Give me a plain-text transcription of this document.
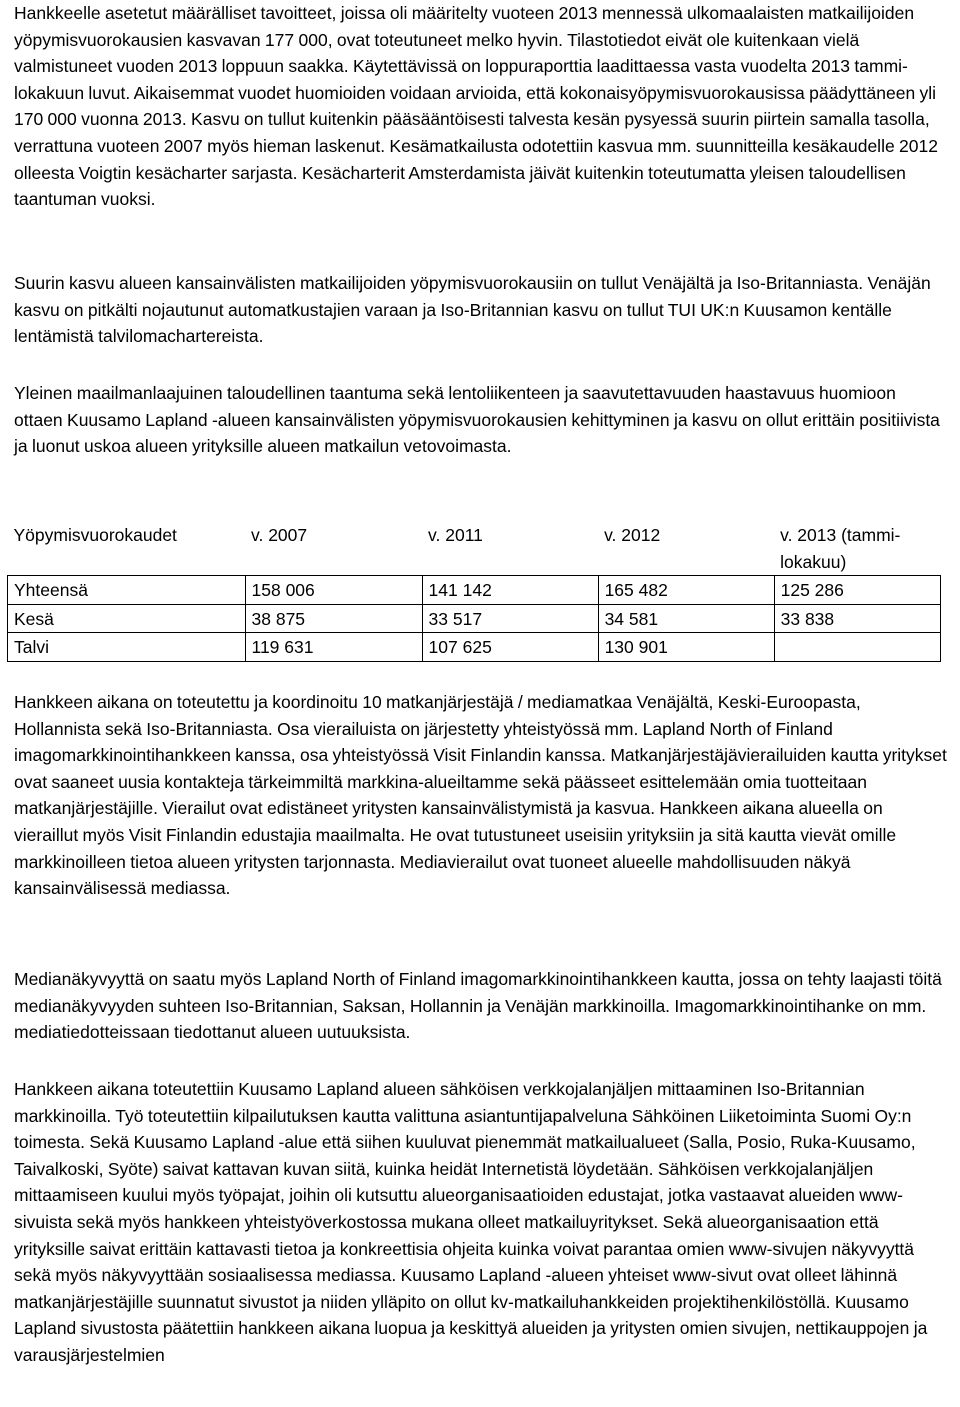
Hankkeelle asetetut määrälliset tavoitteet, joissa oli määritelty vuoteen 2013 mennessä ulkomaalaisten matkailijoiden yöpymisvuorokausien kasvavan 177 000, ovat toteutuneet melko hyvin. Tilastotiedot eivät ole kuitenkaan vielä valmistuneet vuoden 2013 loppuun saakka. Käytettävissä on loppuraporttia laadittaessa vasta vuodelta 2013 tammi-lokakuun luvut. Aikaisemmat vuodet huomioiden voidaan arvioida, että kokonaisyöpymisvuorokausissa päädyttäneen yli 170 000 vuonna 2013. Kasvu on tullut kuitenkin pääsääntöisesti talvesta kesän pysyessä suurin piirtein samalla tasolla, verrattuna vuoteen 2007 myös hieman laskenut. Kesämatkailusta odotettiin kasvua mm. suunnitteilla kesäkaudelle 2012 olleesta Voigtin kesächarter sarjasta. Kesächarterit Amsterdamista jäivät kuitenkin toteutumatta yleisen taloudellisen taantuman vuoksi.

Suurin kasvu alueen kansainvälisten matkailijoiden yöpymisvuorokausiin on tullut Venäjältä ja Iso-Britanniasta. Venäjän kasvu on pitkälti nojautunut automatkustajien varaan ja Iso-Britannian kasvu on tullut TUI UK:n Kuusamon kentälle lentämistä talvilomachartereista.

Yleinen maailmanlaajuinen taloudellinen taantuma sekä lentoliikenteen ja saavutettavuuden haastavuus huomioon ottaen Kuusamo Lapland -alueen kansainvälisten yöpymisvuorokausien kehittyminen ja kasvu on ollut erittäin positiivista ja luonut uskoa alueen yrityksille alueen matkailun vetovoimasta.

Yöpymisvuorokaudet	v. 2007	v. 2011	v. 2012	v. 2013 (tammi-lokakuu)
Yhteensä	158 006	141 142	165 482	125 286
Kesä	38 875	33 517	34 581	33 838
Talvi	119 631	107 625	130 901	

Hankkeen aikana on toteutettu ja koordinoitu 10 matkanjärjestäjä / mediamatkaa Venäjältä, Keski-Euroopasta, Hollannista sekä Iso-Britanniasta. Osa vierailuista on järjestetty yhteistyössä mm. Lapland North of Finland imagomarkkinointihankkeen kanssa, osa yhteistyössä Visit Finlandin kanssa. Matkanjärjestäjävierailuiden kautta yritykset ovat saaneet uusia kontakteja tärkeimmiltä markkina-alueiltamme sekä päässeet esittelemään omia tuotteitaan matkanjärjestäjille. Vierailut ovat edistäneet yritysten kansainvälistymistä ja kasvua. Hankkeen aikana alueella on vieraillut myös Visit Finlandin edustajia maailmalta. He ovat tutustuneet useisiin yrityksiin ja sitä kautta vievät omille markkinoilleen tietoa alueen yritysten tarjonnasta. Mediavierailut ovat tuoneet alueelle mahdollisuuden näkyä kansainvälisessä mediassa.

Medianäkyvyyttä on saatu myös Lapland North of Finland imagomarkkinointihankkeen kautta, jossa on tehty laajasti töitä medianäkyvyyden suhteen Iso-Britannian, Saksan, Hollannin ja Venäjän markkinoilla. Imagomarkkinointihanke on mm. mediatiedotteissaan tiedottanut alueen uutuuksista.

Hankkeen aikana toteutettiin Kuusamo Lapland alueen sähköisen verkkojalanjäljen mittaaminen Iso-Britannian markkinoilla. Työ toteutettiin kilpailutuksen kautta valittuna asiantuntijapalveluna Sähköinen Liiketoiminta Suomi Oy:n toimesta. Sekä Kuusamo Lapland -alue että siihen kuuluvat pienemmät matkailualueet (Salla, Posio, Ruka-Kuusamo, Taivalkoski, Syöte) saivat kattavan kuvan siitä, kuinka heidät Internetistä löydetään. Sähköisen verkkojalanjäljen mittaamiseen kuului myös työpajat, joihin oli kutsuttu alueorganisaatioiden edustajat, jotka vastaavat alueiden www-sivuista sekä myös hankkeen yhteistyöverkostossa mukana olleet matkailuyritykset. Sekä alueorganisaation että yrityksille saivat erittäin kattavasti tietoa ja konkreettisia ohjeita kuinka voivat parantaa omien www-sivujen näkyvyyttä sekä myös näkyvyyttään sosiaalisessa mediassa. Kuusamo Lapland -alueen yhteiset www-sivut ovat olleet lähinnä matkanjärjestäjille suunnatut sivustot ja niiden ylläpito on ollut kv-matkailuhankkeiden projektihenkilöstöllä. Kuusamo Lapland sivustosta päätettiin hankkeen aikana luopua ja keskittyä alueiden ja yritysten omien sivujen, nettikauppojen ja varausjärjestelmien
